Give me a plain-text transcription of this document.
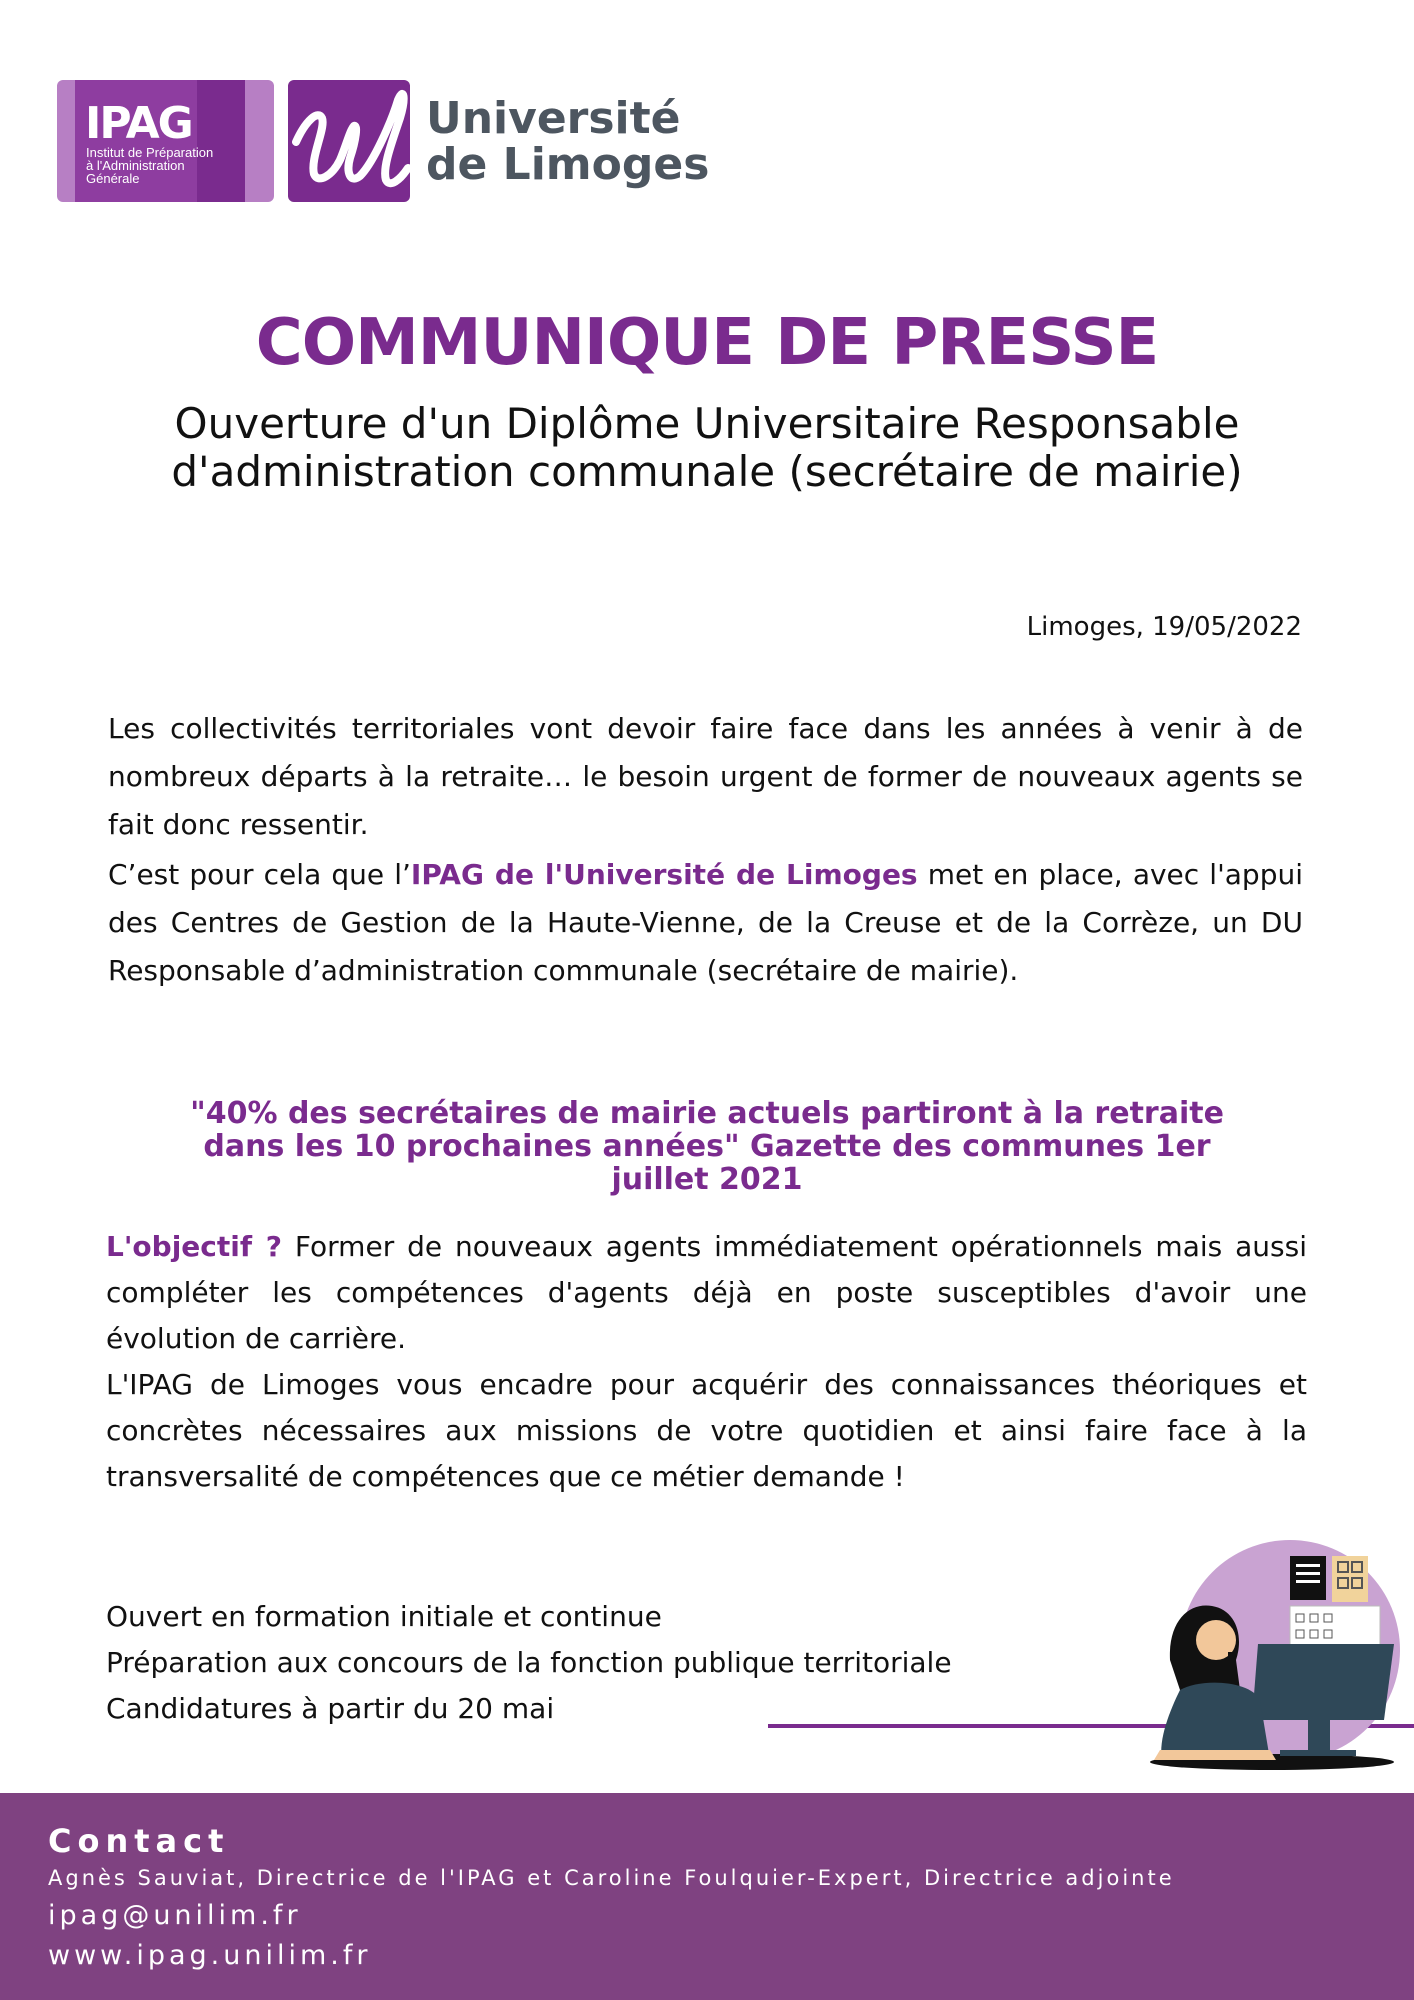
IPAG
Institut de Préparation
à l'Administration
Générale
Université
de Limoges
COMMUNIQUE DE PRESSE
Ouverture d'un Diplôme Universitaire Responsable
d'administration communale (secrétaire de mairie)
Limoges, 19/05/2022
Les collectivités territoriales vont devoir faire face dans les années à venir à de nombreux départs à la retraite… le besoin urgent de former de nouveaux agents se fait donc ressentir.
C’est pour cela que l’IPAG de l'Université de Limoges met en place, avec l'appui des Centres de Gestion de la Haute-Vienne, de la Creuse et de la Corrèze, un DU Responsable d’administration communale (secrétaire de mairie).
"40% des secrétaires de mairie actuels partiront à la retraite
dans les 10 prochaines années" Gazette des communes 1er
juillet 2021
L'objectif ? Former de nouveaux agents immédiatement opérationnels mais aussi compléter les compétences d'agents déjà en poste susceptibles d'avoir une évolution de carrière.
L'IPAG de Limoges vous encadre pour acquérir des connaissances théoriques et concrètes nécessaires aux missions de votre quotidien et ainsi faire face à la transversalité de compétences que ce métier demande !
Ouvert en formation initiale et continue
Préparation aux concours de la fonction publique territoriale
Candidatures à partir du 20 mai
Contact
Agnès Sauviat, Directrice de l'IPAG et Caroline Foulquier-Expert, Directrice adjointe
ipag@unilim.fr
www.ipag.unilim.fr
